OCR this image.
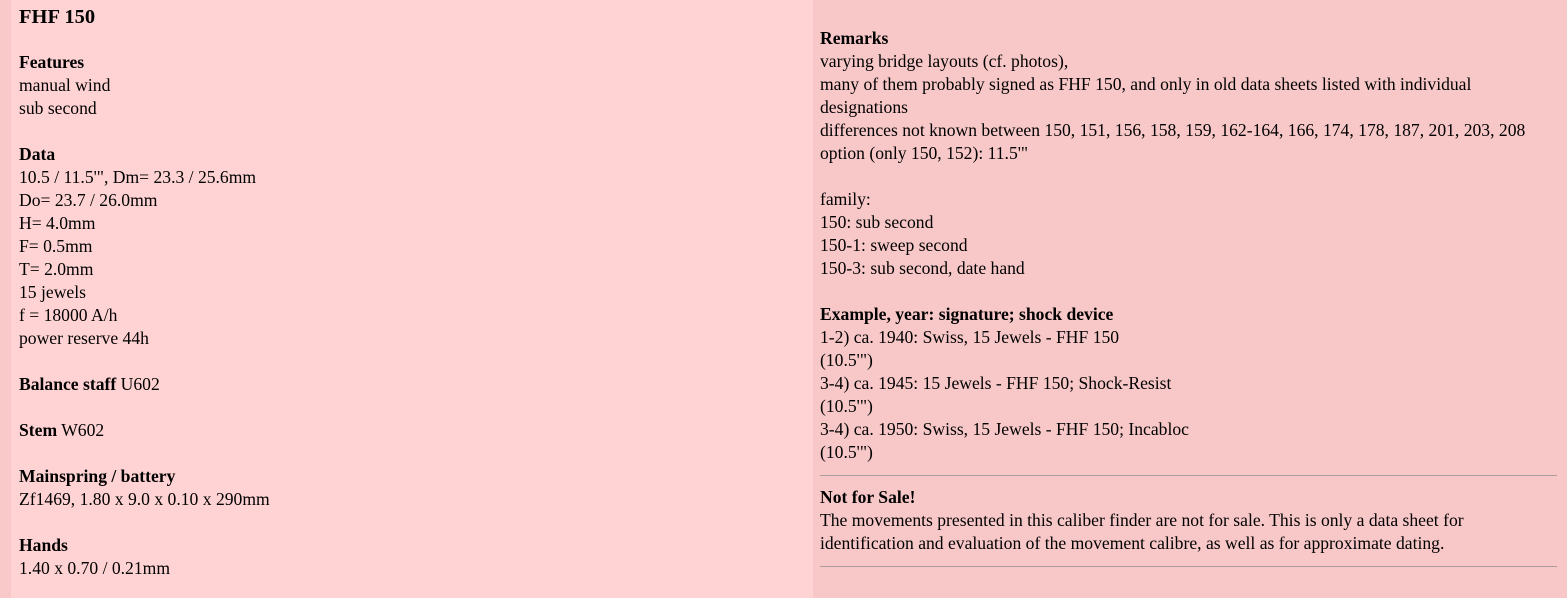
FHF 150
Features
manual wind
sub second
Data
10.5 / 11.5'", Dm= 23.3 / 25.6mm
Do= 23.7 / 26.0mm
H= 4.0mm
F= 0.5mm
T= 2.0mm
15 jewels
f = 18000 A/h
power reserve 44h
Balance staff U602
Stem W602
Mainspring / battery
Zf1469, 1.80 x 9.0 x 0.10 x 290mm
Hands
1.40 x 0.70 / 0.21mm
Remarks
varying bridge layouts (cf. photos),
many of them probably signed as FHF 150, and only in old data sheets listed with individual designations
differences not known between 150, 151, 156, 158, 159, 162-164, 166, 174, 178, 187, 201, 203, 208
option (only 150, 152): 11.5'"
family:
150: sub second
150-1: sweep second
150-3: sub second, date hand
Example, year: signature; shock device
1-2) ca. 1940: Swiss, 15 Jewels - FHF 150
(10.5'")
3-4) ca. 1945: 15 Jewels - FHF 150; Shock-Resist
(10.5'")
3-4) ca. 1950: Swiss, 15 Jewels - FHF 150; Incabloc
(10.5'")
Not for Sale!
The movements presented in this caliber finder are not for sale. This is only a data sheet for identification and evaluation of the movement calibre, as well as for approximate dating.
